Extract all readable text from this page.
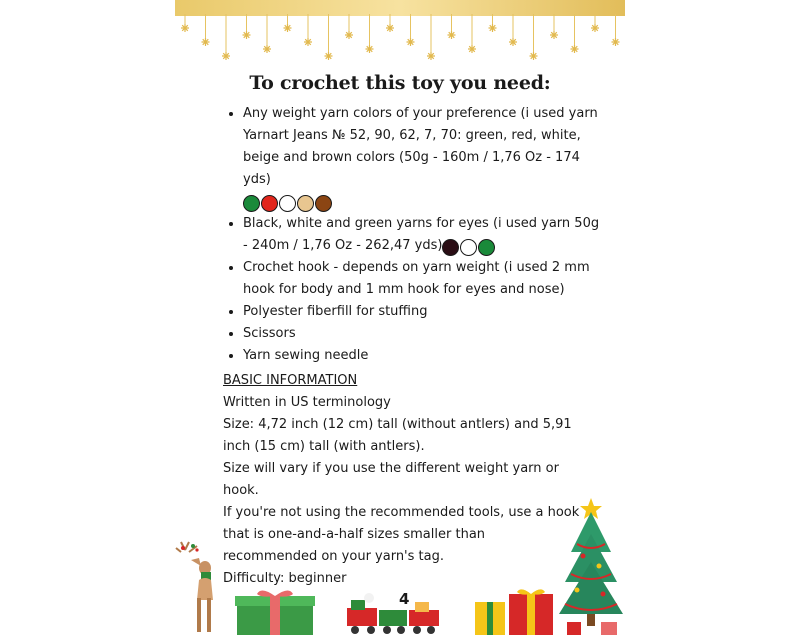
To crochet this toy you need:
• Any weight yarn colors of your preference (i used yarn Yarnart Jeans № 52, 90, 62, 7, 70: green, red, white, beige and brown colors (50g - 160m / 1,76 Oz - 174 yds)

• Black, white and green yarns for eyes (i used yarn 50g - 240m / 1,76 Oz - 262,47 yds)
• Crochet hook - depends on yarn weight (i used 2 mm hook for body and 1 mm hook for eyes and nose)
• Polyester fiberfill for stuffing
• Scissors
• Yarn sewing needle

BASIC INFORMATION

Written in US terminology

Size: 4,72 inch (12 cm) tall (without antlers) and 5,91 inch (15 cm) tall (with antlers).

Size will vary if you use the different weight yarn or hook.

If you're not using the recommended tools, use a hook that is one-and-a-half sizes smaller than recommended on your yarn's tag.

Difficulty: beginner

4
